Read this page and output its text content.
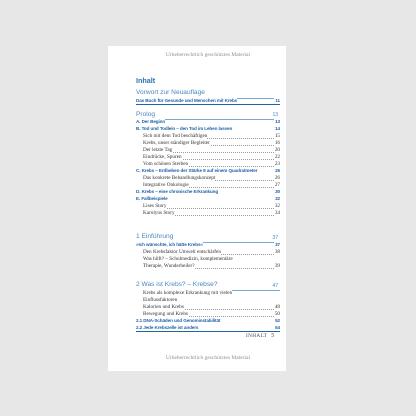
Urheberrechtlich geschütztes Material
Urheberrechtlich geschütztes Material
Inhalt
Vorwort zur Neuauflage
Das Buch für Gesunde und Menschen mit Krebs	11
Prolog	13
A. Der Beginn	13
B. Tod und Todlein – den Tod im Leben lassen	14
Sich mit dem Tod beschäftigen	15
Krebs, unser ständiger Begleiter	16
Der letzte Tag	20
Eindrücke, Spuren	22
Vom schönen Sterben	23
C. Krebs – Erdbeben der Stärke 8 auf einem Quadratmeter	25
Das konkrete Behandlungskonzept	26
Integrative Onkologie	27
D. Krebs – eine chronische Erkrankung	30
E. Fallbeispiele	32
Lises Story	32
Karolyns Story	34
1 Einführung	37
»Ich wünschte, ich hätte Krebs«	37
Den Krebsfaktor Umwelt entschärfen	38
Was hilft? – Schulmedizin, komplementäre
Therapie, Wunderheiler?	39
2 Was ist Krebs? – Krebse?	47
Krebs als komplexe Erkrankung mit vielen
Einflussfaktoren
Kalorien und Krebs	48
Bewegung und Krebs	50
2.1 DNA-Schäden und Genominstabilität	52
2.2 Jede Krebszelle ist anders	54
INHALT 5
